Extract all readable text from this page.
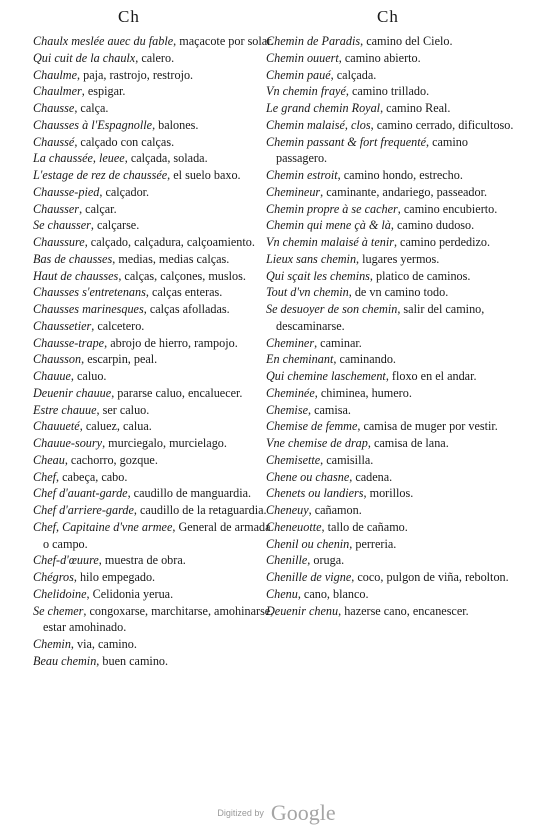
Ch	Ch

Chaulx meslée auec du fable, maçacote por solar.

Qui cuit de la chaulx, calero.

Chaulme, paja, rastrojo, restrojo.

Chaulmer, espigar.

Chausse, calça.

Chausses à l'Espagnolle, balones.

Chaussé, calçado con calças.

La chaussée, leuee, calçada, solada.

L'estage de rez de chaussée, el suelo baxo.

Chausse-pied, calçador.

Chausser, calçar.

Se chausser, calçarse.

Chaussure, calçado, calçadura, calçoamiento.

Bas de chausses, medias, medias calças.

Haut de chausses, calças, calçones, muslos.

Chausses s'entretenans, calças enteras.

Chausses marinesques, calças afolladas.

Chaussetier, calcetero.

Chausse-trape, abrojo de hierro, rampojo.

Chausson, escarpin, peal.

Chauue, caluo.

Deuenir chauue, pararse caluo, encaluecer.

Estre chauue, ser caluo.

Chauueté, caluez, calua.

Chauue-soury, murciegalo, murcielago.

Cheau, cachorro, gozque.

Chef, cabeça, cabo.

Chef d'auant-garde, caudillo de manguardia.

Chef d'arriere-garde, caudillo de la retaguardia.

Chef, Capitaine d'vne armee, General de armada o campo.

Chef-d'œuure, muestra de obra.

Chégros, hilo empegado.

Chelidoine, Celidonia yerua.

Se chemer, congoxarse, marchitarse, amohinarse, estar amohinado.

Chemin, via, camino.

Beau chemin, buen camino.

Chemin de Paradis, camino del Cielo.

Chemin ouuert, camino abierto.

Chemin paué, calçada.

Vn chemin frayé, camino trillado.

Le grand chemin Royal, camino Real.

Chemin malaisé, clos, camino cerrado, dificultoso.

Chemin passant & fort frequenté, camino passagero.

Chemin estroit, camino hondo, estrecho.

Chemineur, caminante, andariego, passeador.

Chemin propre à se cacher, camino encubierto.

Chemin qui mene çà & là, camino dudoso.

Vn chemin malaisé à tenir, camino perdedizo.

Lieux sans chemin, lugares yermos.

Qui sçait les chemins, platico de caminos.

Tout d'vn chemin, de vn camino todo.

Se desuoyer de son chemin, salir del camino, descaminarse.

Cheminer, caminar.

En cheminant, caminando.

Qui chemine laschement, floxo en el andar.

Cheminée, chiminea, humero.

Chemise, camisa.

Chemise de femme, camisa de muger por vestir.

Vne chemise de drap, camisa de lana.

Chemisette, camisilla.

Chene ou chasne, cadena.

Chenets ou landiers, morillos.

Cheneuy, cañamon.

Cheneuotte, tallo de cañamo.

Chenil ou chenin, perreria.

Chenille, oruga.

Chenille de vigne, coco, pulgon de viña, rebolton.

Chenu, cano, blanco.

Deuenir chenu, hazerse cano, encanescer.

Digitized by Google
